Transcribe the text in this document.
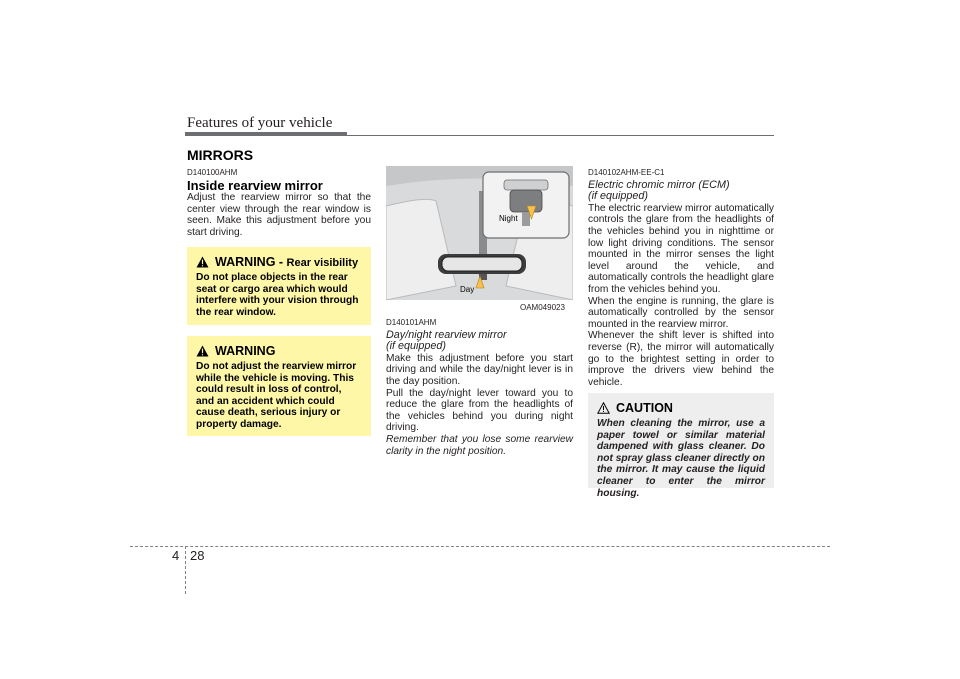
Features of your vehicle
MIRRORS
D140100AHM
Inside rearview mirror

Adjust the rearview mirror so that the center view through the rear window is seen. Make this adjustment before you start driving.

WARNING - Rear visibility
Do not place objects in the rear seat or cargo area which would interfere with your vision through the rear window.
WARNING
Do not adjust the rearview mirror while the vehicle is moving. This could result in loss of control, and an accident which could cause death, serious injury or property damage.
Night
Day
OAM049023
D140101AHM
Day/night rearview mirror
(if equipped)

Make this adjustment before you start driving and while the day/night lever is in the day position.

Pull the day/night lever toward you to reduce the glare from the headlights of the vehicles behind you during night driving.

Remember that you lose some rearview clarity in the night position.

D140102AHM-EE-C1
Electric chromic mirror (ECM)
(if equipped)

The electric rearview mirror automatically controls the glare from the headlights of the vehicles behind you in nighttime or low light driving conditions. The sensor mounted in the mirror senses the light level around the vehicle, and automatically controls the headlight glare from the vehicles behind you.

When the engine is running, the glare is automatically controlled by the sensor mounted in the rearview mirror.

Whenever the shift lever is shifted into reverse (R), the mirror will automatically go to the brightest setting in order to improve the drivers view behind the vehicle.

CAUTION
When cleaning the mirror, use a paper towel or similar material dampened with glass cleaner. Do not spray glass cleaner directly on the mirror. It may cause the liquid cleaner to enter the mirror housing.
4 28
